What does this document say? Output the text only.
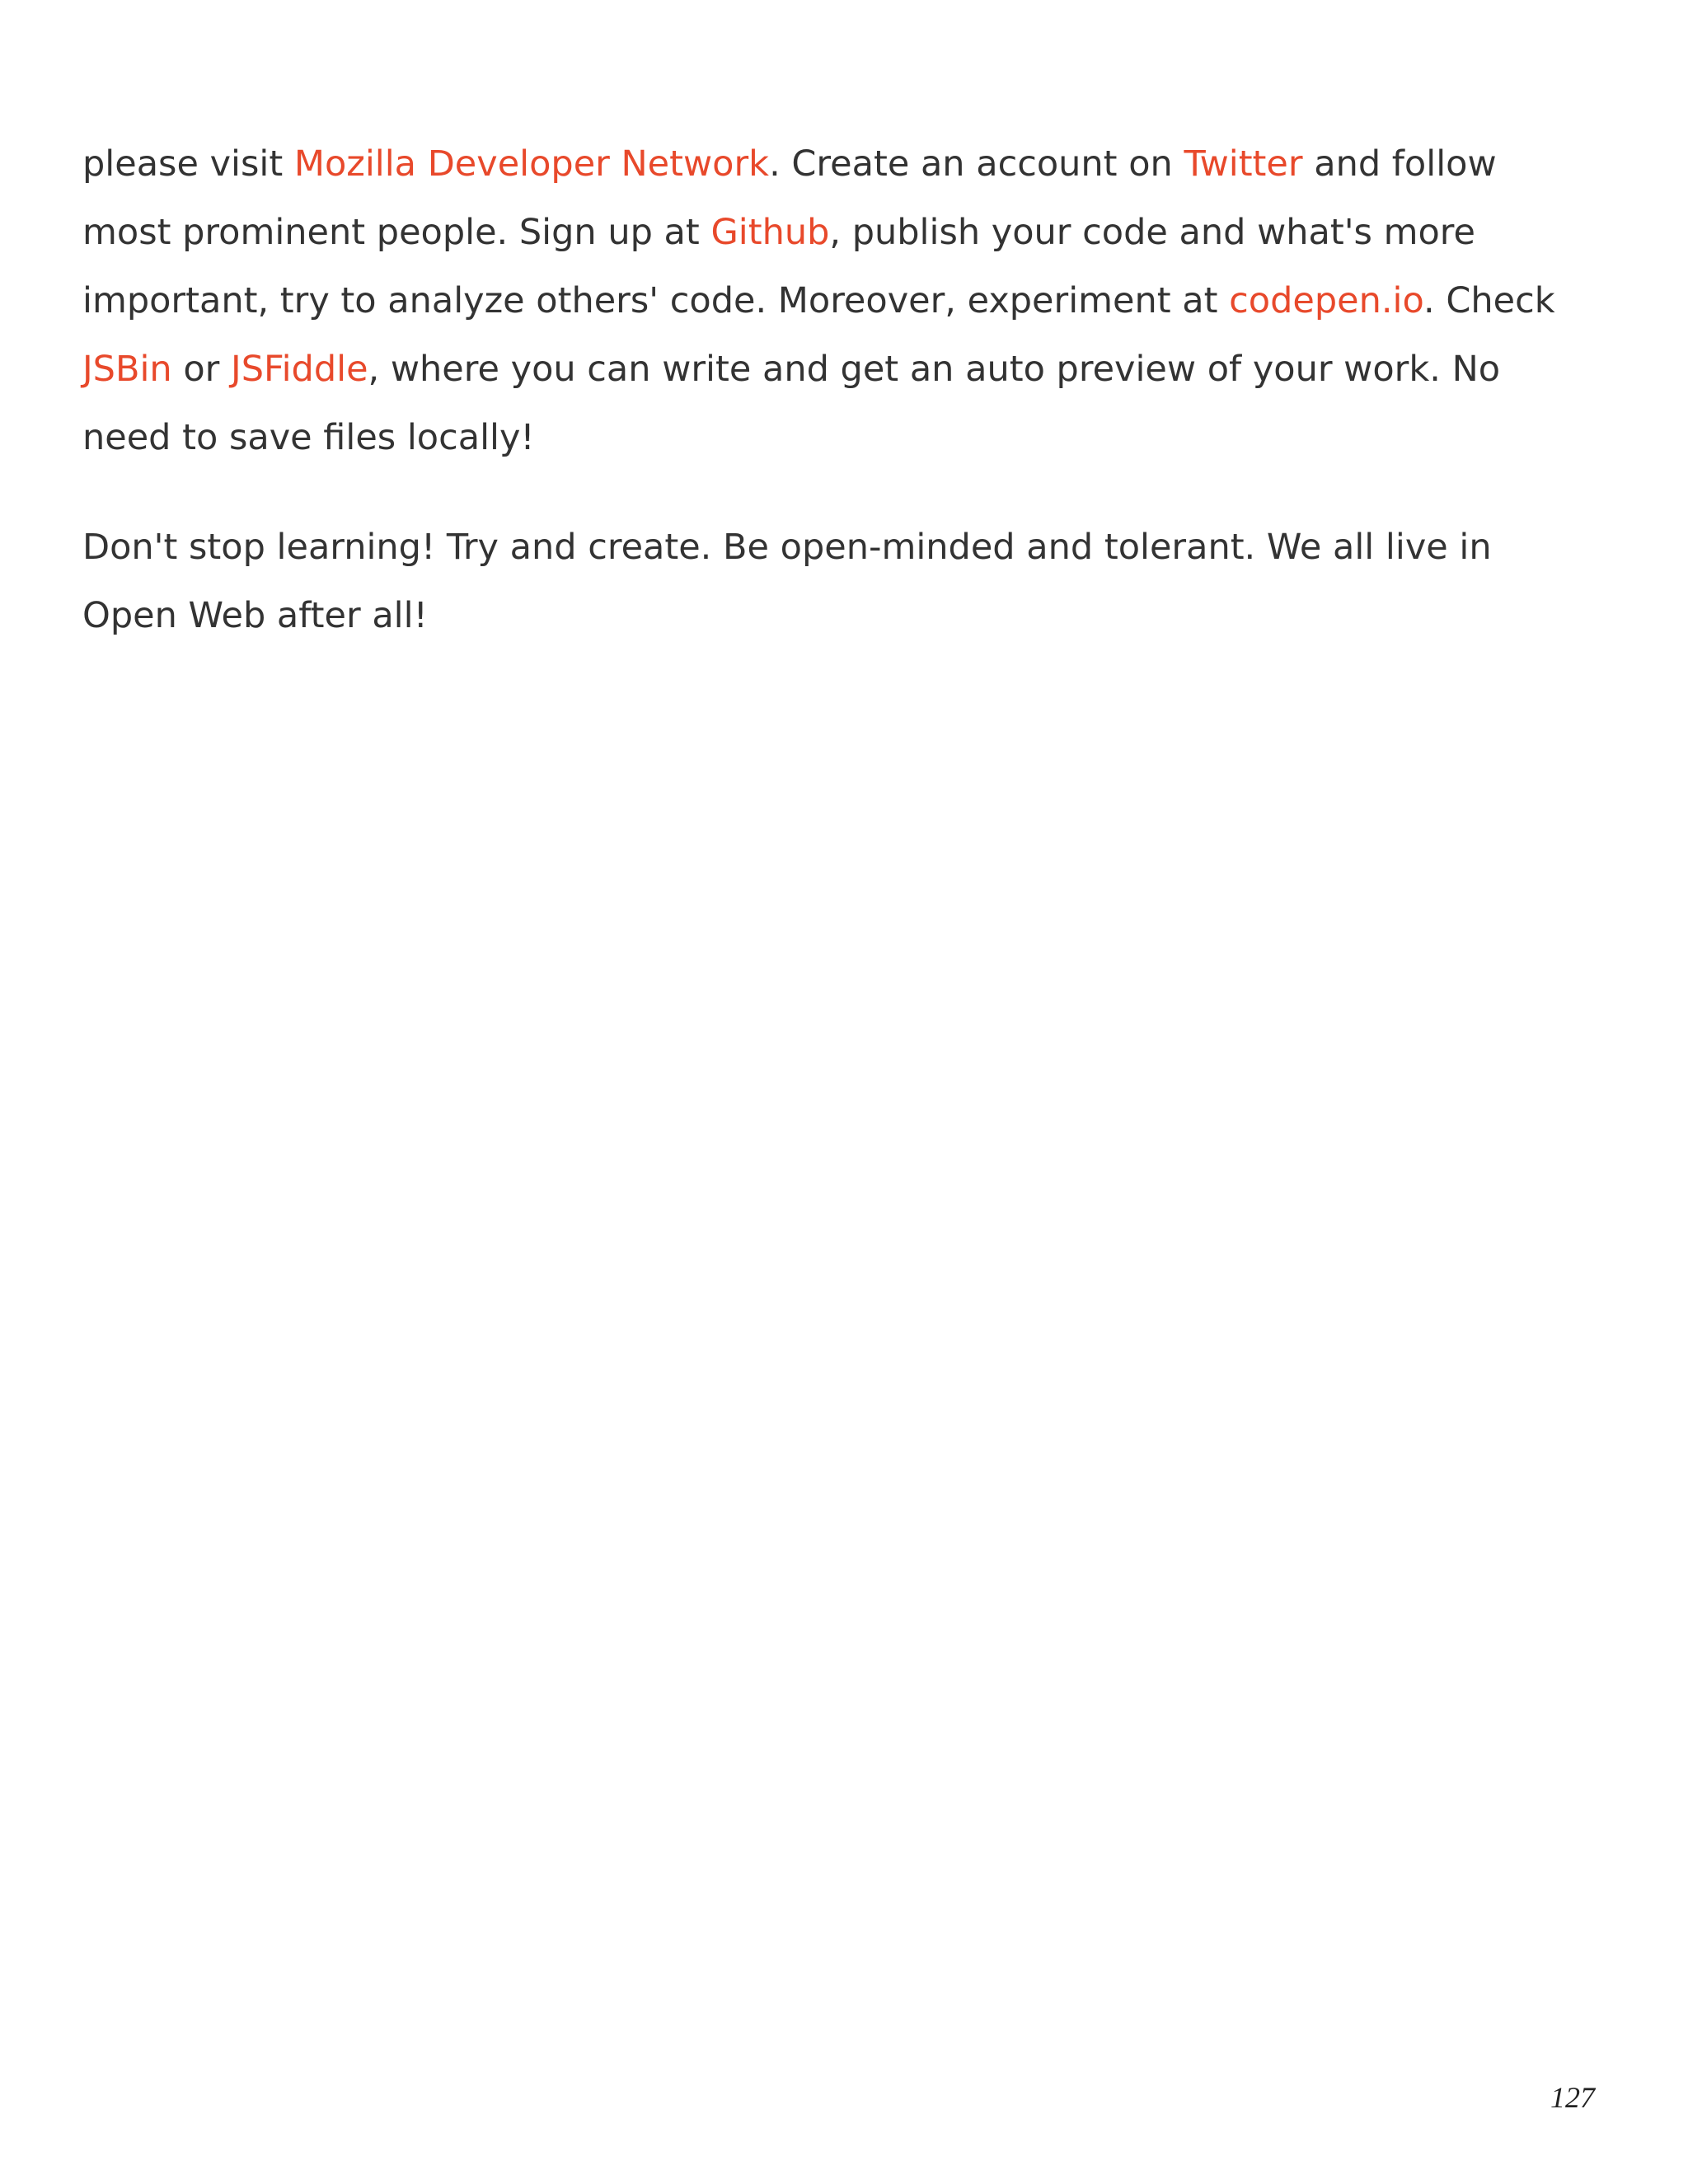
please visit Mozilla Developer Network. Create an account on Twitter and follow
most prominent people. Sign up at Github, publish your code and what's more
important, try to analyze others' code. Moreover, experiment at codepen.io. Check
JSBin or JSFiddle, where you can write and get an auto preview of your work. No
need to save files locally!

Don't stop learning! Try and create. Be open-minded and tolerant. We all live in
Open Web after all!

127
